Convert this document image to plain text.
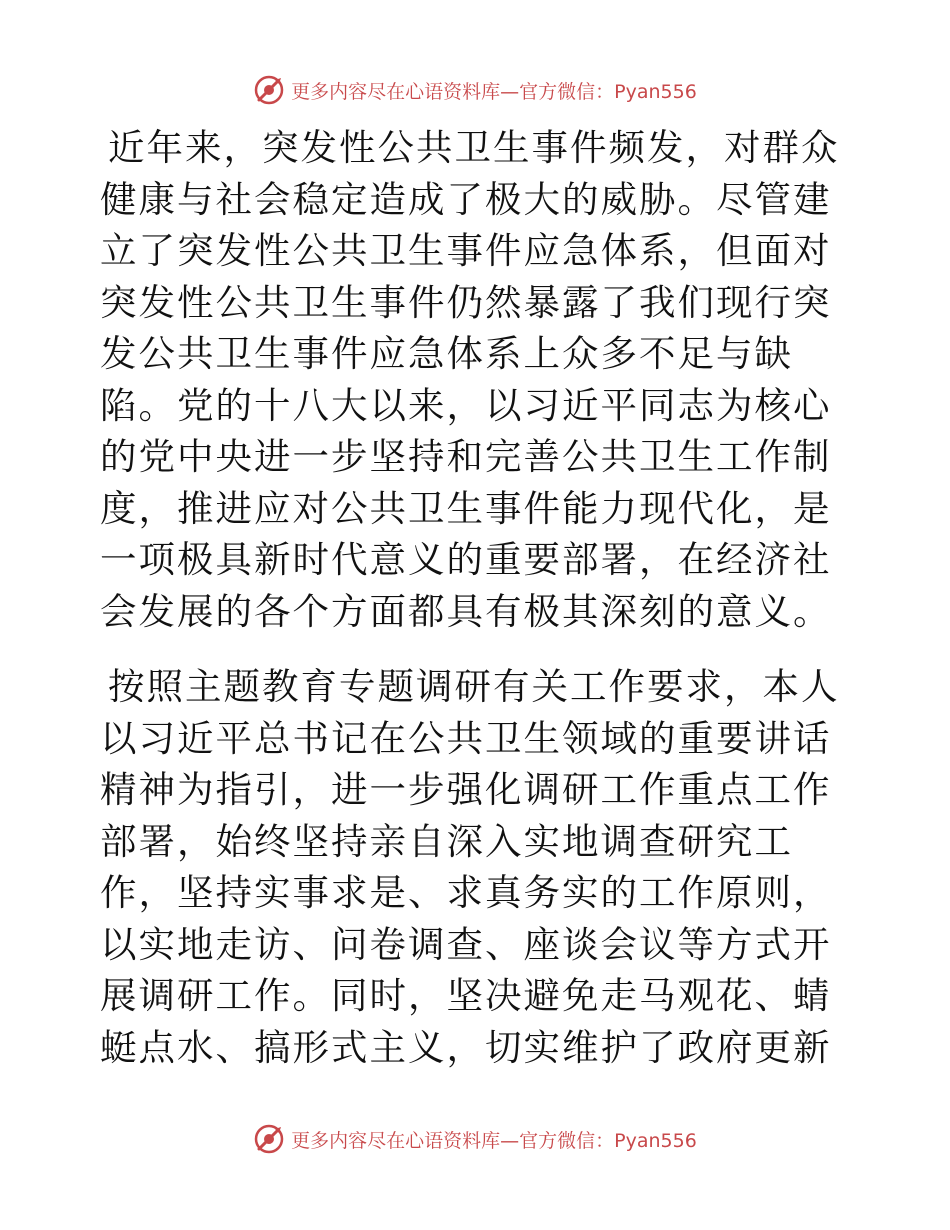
更多内容尽在心语资料库—官方微信：Pyan556

近年来，突发性公共卫生事件频发，对群众健康与社会稳定造成了极大的威胁。尽管建立了突发性公共卫生事件应急体系，但面对突发性公共卫生事件仍然暴露了我们现行突发公共卫生事件应急体系上众多不足与缺陷。党的十八大以来，以习近平同志为核心的党中央进一步坚持和完善公共卫生工作制度，推进应对公共卫生事件能力现代化，是一项极具新时代意义的重要部署，在经济社会发展的各个方面都具有极其深刻的意义。

按照主题教育专题调研有关工作要求，本人以习近平总书记在公共卫生领域的重要讲话精神为指引，进一步强化调研工作重点工作部署，始终坚持亲自深入实地调查研究工作，坚持实事求是、求真务实的工作原则，以实地走访、问卷调查、座谈会议等方式开展调研工作。同时，坚决避免走马观花、蜻蜓点水、搞形式主义，切实维护了政府更新

更多内容尽在心语资料库—官方微信：Pyan556
